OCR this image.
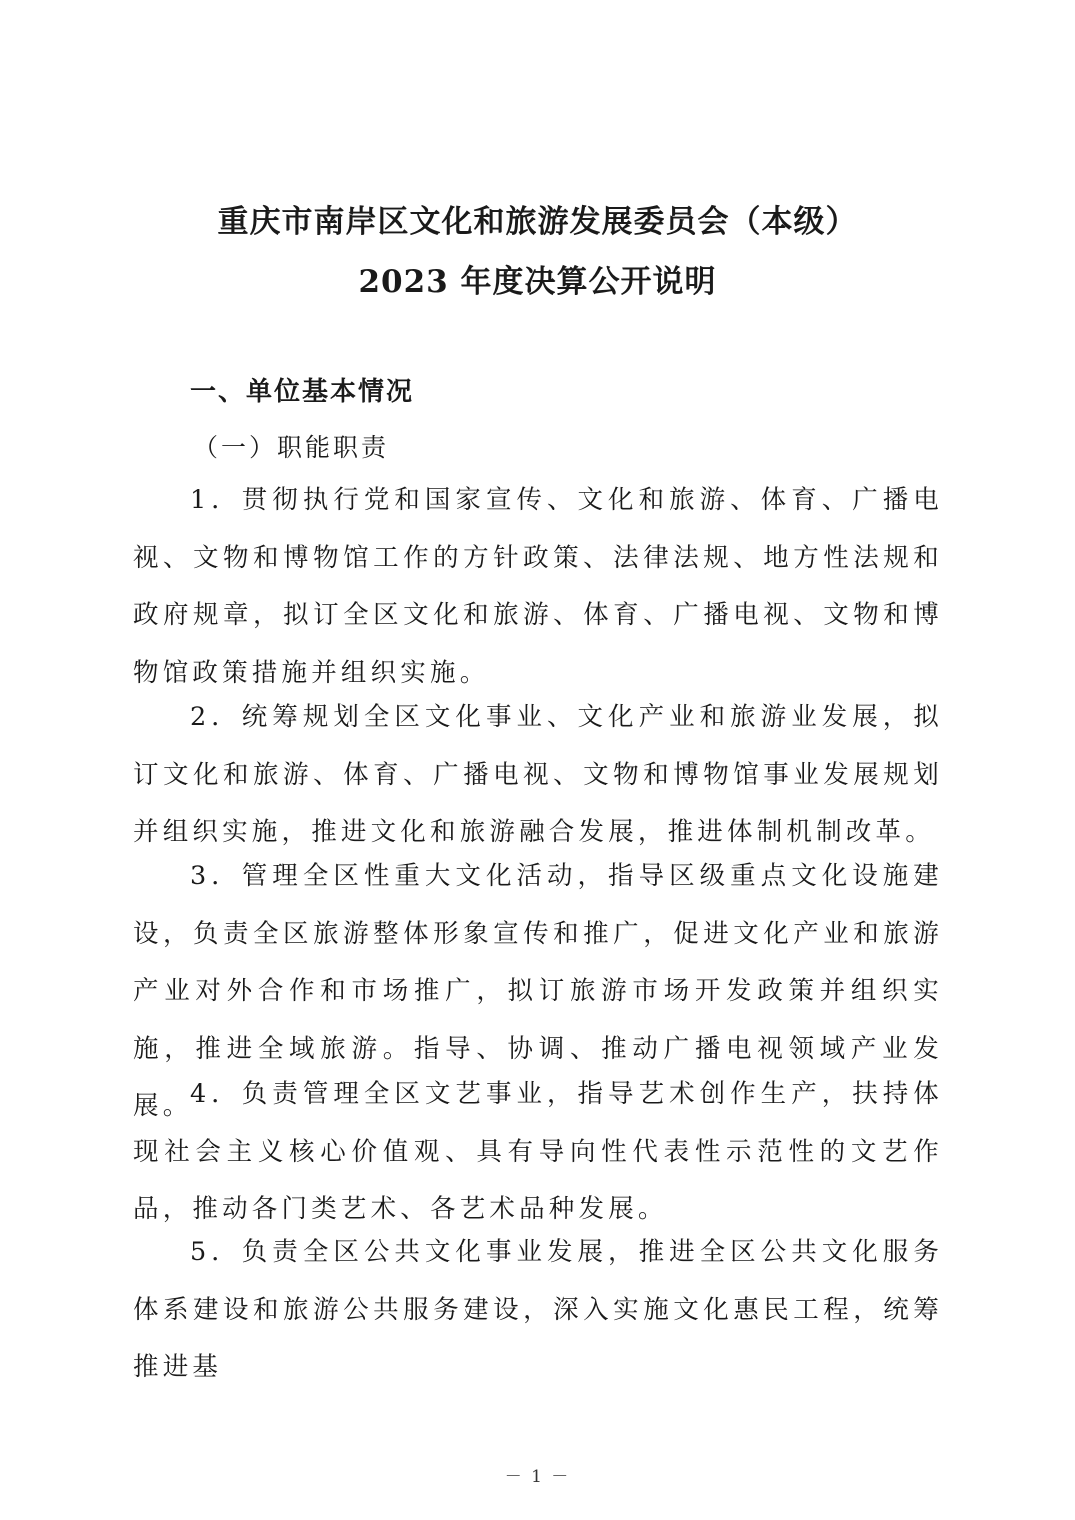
重庆市南岸区文化和旅游发展委员会（本级）
2023 年度决算公开说明
一、单位基本情况
（一）职能职责

1．贯彻执行党和国家宣传、文化和旅游、体育、广播电视、文物和博物馆工作的方针政策、法律法规、地方性法规和政府规章，拟订全区文化和旅游、体育、广播电视、文物和博物馆政策措施并组织实施。

2．统筹规划全区文化事业、文化产业和旅游业发展，拟订文化和旅游、体育、广播电视、文物和博物馆事业发展规划并组织实施，推进文化和旅游融合发展，推进体制机制改革。

3．管理全区性重大文化活动，指导区级重点文化设施建设，负责全区旅游整体形象宣传和推广，促进文化产业和旅游产业对外合作和市场推广，拟订旅游市场开发政策并组织实施，推进全域旅游。指导、协调、推动广播电视领域产业发展。

4．负责管理全区文艺事业，指导艺术创作生产，扶持体现社会主义核心价值观、具有导向性代表性示范性的文艺作品，推动各门类艺术、各艺术品种发展。

5．负责全区公共文化事业发展，推进全区公共文化服务体系建设和旅游公共服务建设，深入实施文化惠民工程，统筹推进基

－ 1 －
